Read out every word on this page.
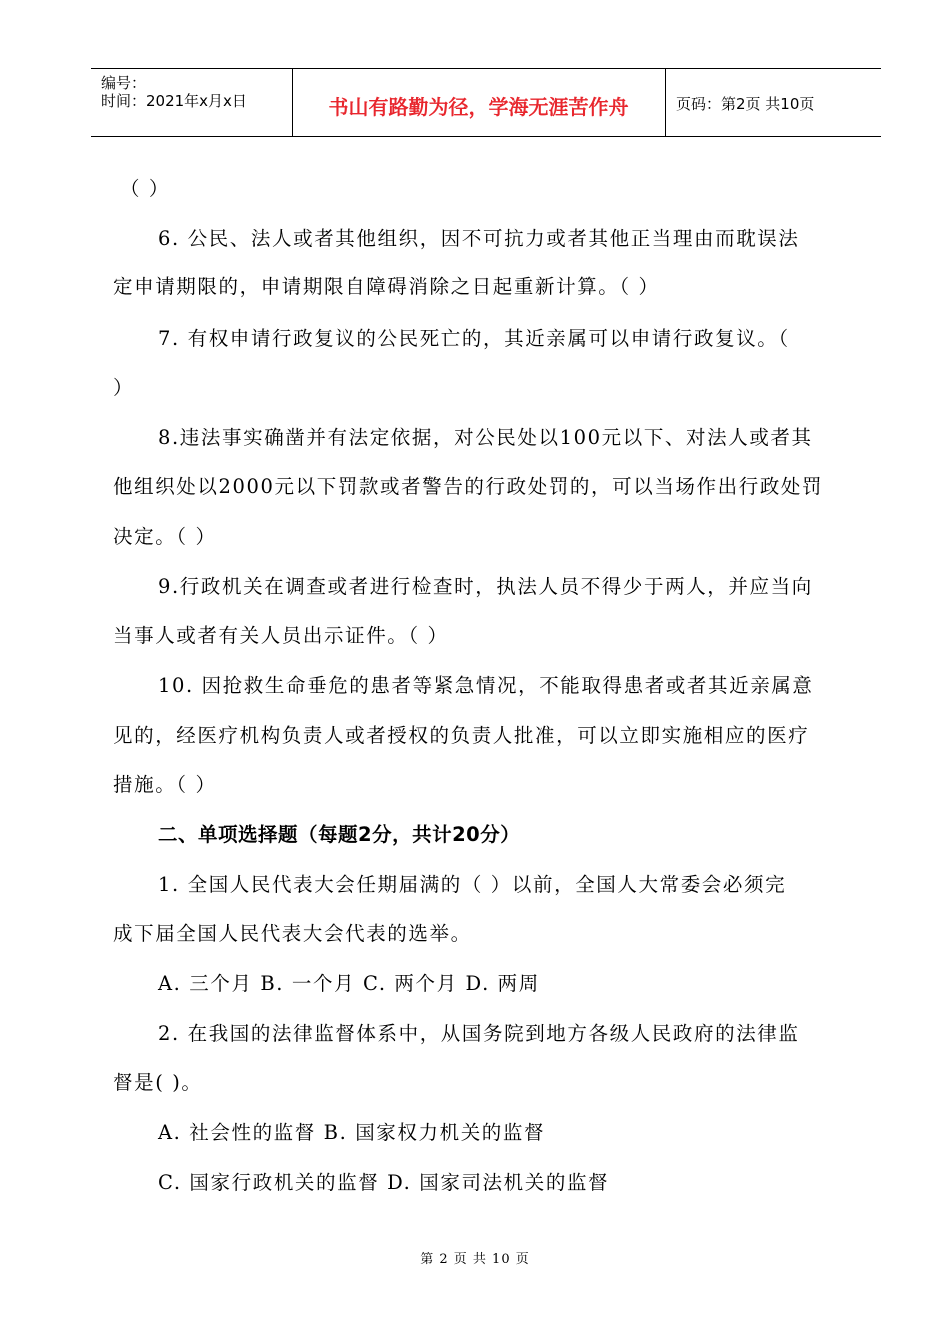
编号：
时间：2021年x月x日	书山有路勤为径，学海无涯苦作舟	页码：第2页 共10页
（ ）
6. 公民、法人或者其他组织，因不可抗力或者其他正当理由而耽误法
定申请期限的，申请期限自障碍消除之日起重新计算。（ ）
7. 有权申请行政复议的公民死亡的，其近亲属可以申请行政复议。（
）
8.违法事实确凿并有法定依据，对公民处以100元以下、对法人或者其
他组织处以2000元以下罚款或者警告的行政处罚的，可以当场作出行政处罚
决定。（ ）
9.行政机关在调查或者进行检查时，执法人员不得少于两人，并应当向
当事人或者有关人员出示证件。（ ）
10. 因抢救生命垂危的患者等紧急情况，不能取得患者或者其近亲属意
见的，经医疗机构负责人或者授权的负责人批准，可以立即实施相应的医疗
措施。（ ）
二、单项选择题（每题2分，共计20分）
1. 全国人民代表大会任期届满的（ ）以前，全国人大常委会必须完
成下届全国人民代表大会代表的选举。
A. 三个月 B. 一个月 C. 两个月 D. 两周
2. 在我国的法律监督体系中，从国务院到地方各级人民政府的法律监
督是( )。
A. 社会性的监督 B. 国家权力机关的监督
C. 国家行政机关的监督 D. 国家司法机关的监督
第 2 页 共 10 页
